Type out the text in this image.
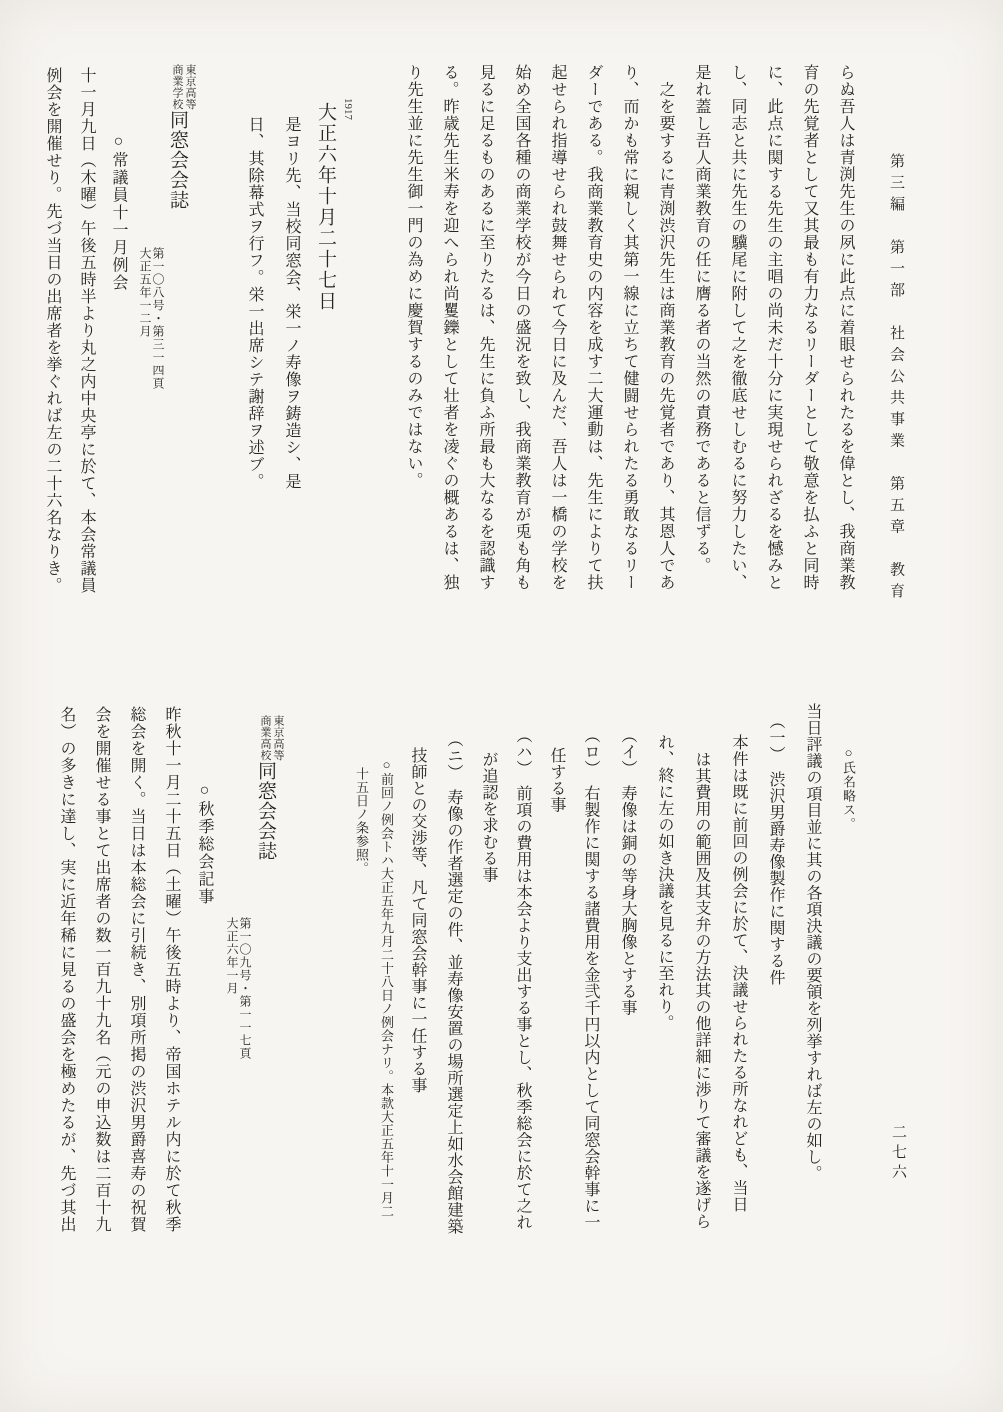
第三編　第一部　社会公共事業　第五章　教育
二七六
らぬ吾人は青渕先生の夙に此点に着眼せられたるを偉とし、我商業教
育の先覚者として又其最も有力なるリーダーとして敬意を払ふと同時
に、此点に関する先生の主唱の尚未だ十分に実現せられざるを憾みと
し、同志と共に先生の驥尾に附して之を徹底せしむるに努力したい、
是れ蓋し吾人商業教育の任に膺る者の当然の責務であると信ずる。
之を要するに青渕渋沢先生は商業教育の先覚者であり、其恩人であ
り、而かも常に親しく其第一線に立ちて健闘せられたる勇敢なるリー
ダーである。我商業教育史の内容を成す二大運動は、先生によりて扶
起せられ指導せられ鼓舞せられて今日に及んだ、吾人は一橋の学校を
始め全国各種の商業学校が今日の盛況を致し、我商業教育が兎も角も
見るに足るものあるに至りたるは、先生に負ふ所最も大なるを認識す
る。昨歳先生米寿を迎へられ尚矍鑠として壮者を凌ぐの概あるは、独
り先生並に先生御一門の為めに慶賀するのみではない。
1917
大正六年十月二十七日
是ヨリ先、当校同窓会、栄一ノ寿像ヲ鋳造シ、是
日、其除幕式ヲ行フ。栄一出席シテ謝辞ヲ述ブ。
東京高等
商業学校
同窓会会誌
第一〇八号・第三一四頁
大正五年一二月
○常議員十一月例会
十一月九日（木曜）午後五時半より丸之内中央亭に於て、本会常議員
例会を開催せり。先づ当日の出席者を挙ぐれば左の二十六名なりき。
○氏名略ス。
当日評議の項目並に其の各項決議の要領を列挙すれば左の如し。
（一）　渋沢男爵寿像製作に関する件
本件は既に前回の例会に於て、決議せられたる所なれども、当日
は其費用の範囲及其支弁の方法其の他詳細に渉りて審議を遂げら
れ、終に左の如き決議を見るに至れり。
（イ）　寿像は銅の等身大胸像とする事
（ロ）　右製作に関する諸費用を金弐千円以内として同窓会幹事に一
任する事
（ハ）　前項の費用は本会より支出する事とし、秋季総会に於て之れ
が追認を求むる事
（ニ）　寿像の作者選定の件、並寿像安置の場所選定上如水会館建築
技師との交渉等、凡て同窓会幹事に一任する事
○前回ノ例会トハ大正五年九月二十八日ノ例会ナリ。本款大正五年十一月二
十五日ノ条参照。
東京高等
商業高校
同窓会会誌
第一〇九号・第一一七頁
大正六年一月
○秋季総会記事
昨秋十一月二十五日（土曜）午後五時より、帝国ホテル内に於て秋季
総会を開く。当日は本総会に引続き、別項所掲の渋沢男爵喜寿の祝賀
会を開催せる事とて出席者の数一百九十九名（元の申込数は二百十九
名）の多きに達し、実に近年稀に見るの盛会を極めたるが、先づ其出
